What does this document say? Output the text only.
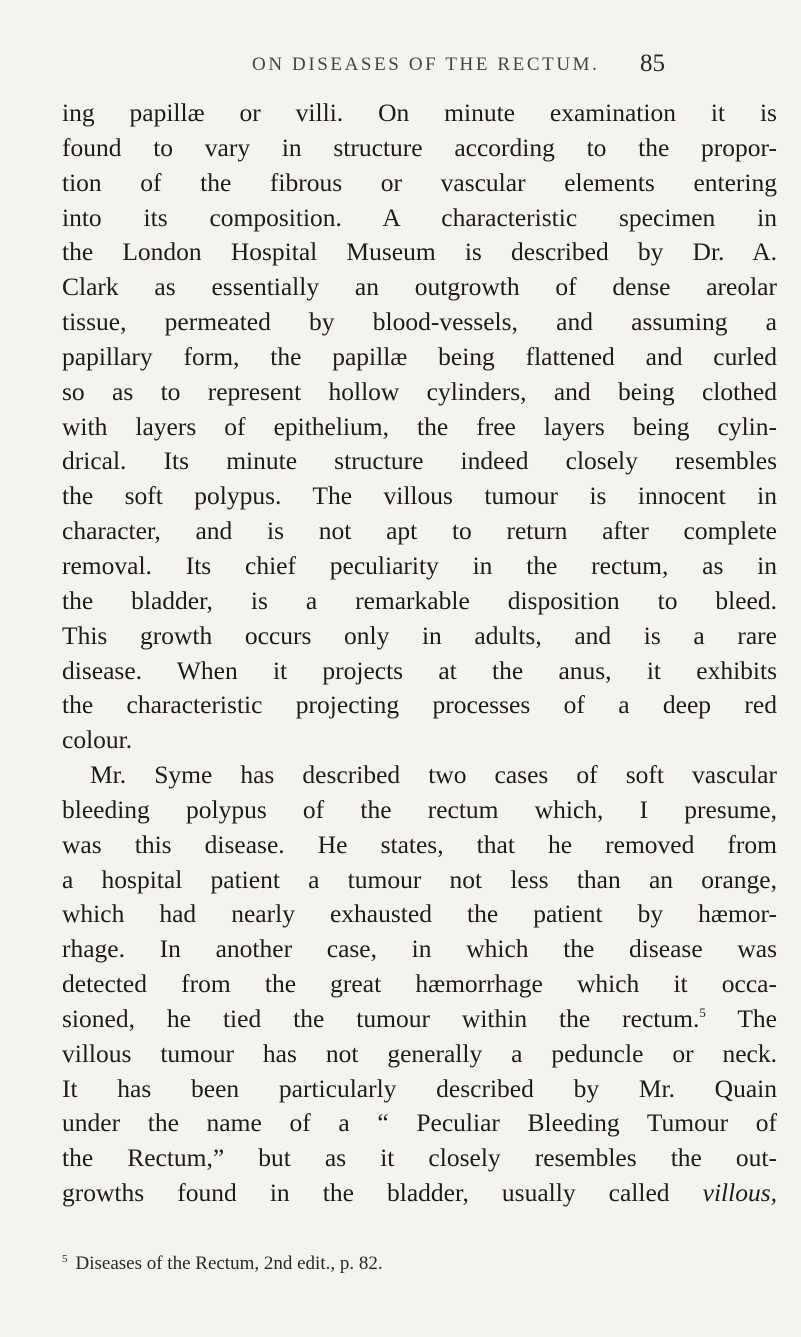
ON DISEASES OF THE RECTUM. 85
ing papillæ or villi. On minute examination it is
found to vary in structure according to the propor-
tion of the fibrous or vascular elements entering
into its composition. A characteristic specimen in
the London Hospital Museum is described by Dr. A.
Clark as essentially an outgrowth of dense areolar
tissue, permeated by blood-vessels, and assuming a
papillary form, the papillæ being flattened and curled
so as to represent hollow cylinders, and being clothed
with layers of epithelium, the free layers being cylin-
drical. Its minute structure indeed closely resembles
the soft polypus. The villous tumour is innocent in
character, and is not apt to return after complete
removal. Its chief peculiarity in the rectum, as in
the bladder, is a remarkable disposition to bleed.
This growth occurs only in adults, and is a rare
disease. When it projects at the anus, it exhibits
the characteristic projecting processes of a deep red
colour.
Mr. Syme has described two cases of soft vascular
bleeding polypus of the rectum which, I presume,
was this disease. He states, that he removed from
a hospital patient a tumour not less than an orange,
which had nearly exhausted the patient by hæmor-
rhage. In another case, in which the disease was
detected from the great hæmorrhage which it occa-
sioned, he tied the tumour within the rectum.$^5$ The
villous tumour has not generally a peduncle or neck.
It has been particularly described by Mr. Quain
under the name of a “ Peculiar Bleeding Tumour of
the Rectum,” but as it closely resembles the out-
growths found in the bladder, usually called villous,
$^5$ Diseases of the Rectum, 2nd edit., p. 82.
